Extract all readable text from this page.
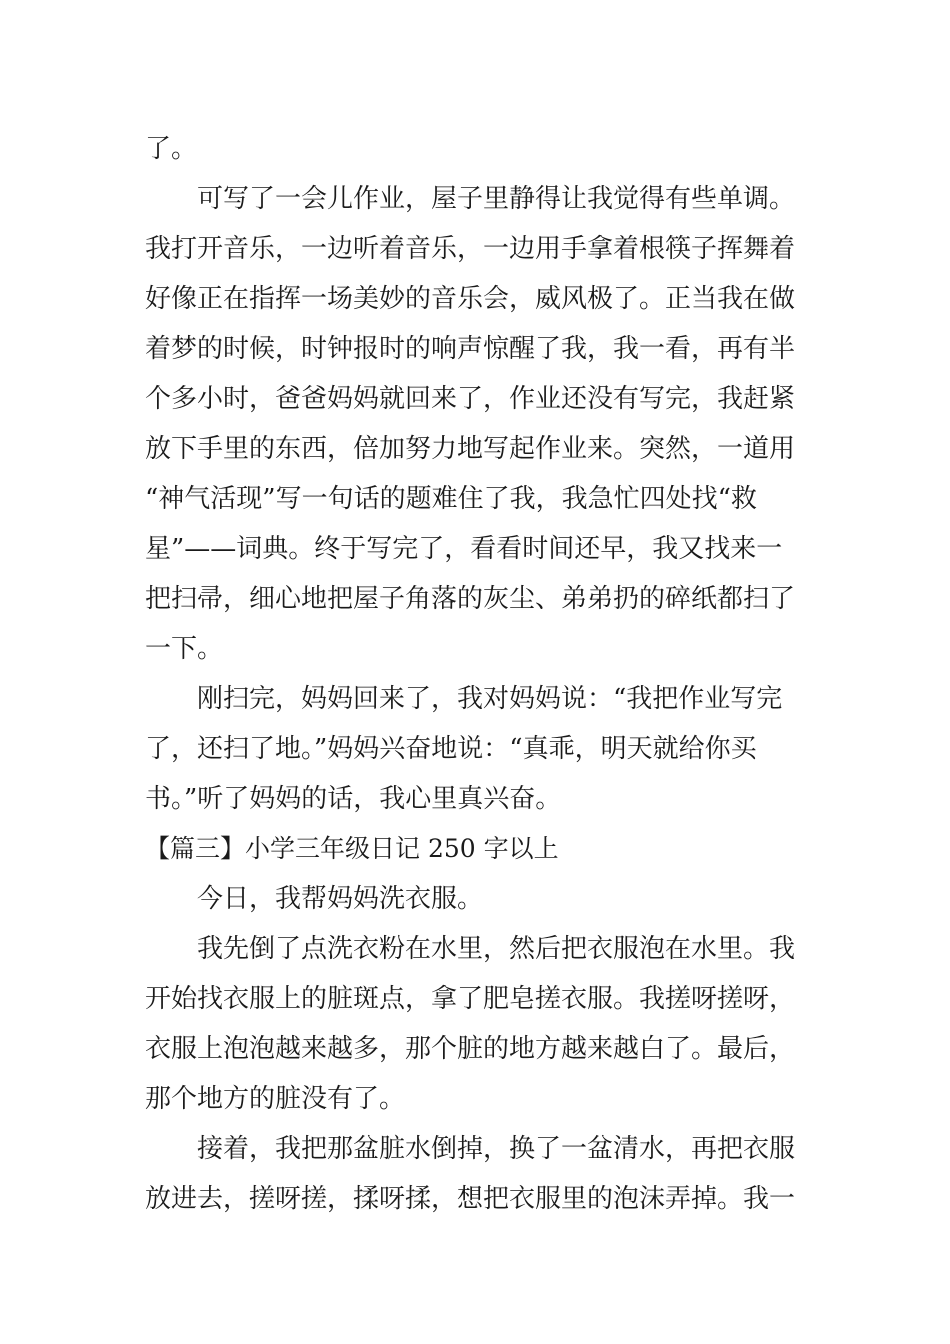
了。
可写了一会儿作业，屋子里静得让我觉得有些单调。
我打开音乐，一边听着音乐，一边用手拿着根筷子挥舞着
好像正在指挥一场美妙的音乐会，威风极了。正当我在做
着梦的时候，时钟报时的响声惊醒了我，我一看，再有半
个多小时，爸爸妈妈就回来了，作业还没有写完，我赶紧
放下手里的东西，倍加努力地写起作业来。突然，一道用
“神气活现”写一句话的题难住了我，我急忙四处找“救
星”——词典。终于写完了，看看时间还早，我又找来一
把扫帚，细心地把屋子角落的灰尘、弟弟扔的碎纸都扫了
一下。
刚扫完，妈妈回来了，我对妈妈说：“我把作业写完
了，还扫了地。”妈妈兴奋地说：“真乖，明天就给你买
书。”听了妈妈的话，我心里真兴奋。
【篇三】小学三年级日记 250 字以上
今日，我帮妈妈洗衣服。
我先倒了点洗衣粉在水里，然后把衣服泡在水里。我
开始找衣服上的脏斑点，拿了肥皂搓衣服。我搓呀搓呀，
衣服上泡泡越来越多，那个脏的地方越来越白了。最后，
那个地方的脏没有了。
接着，我把那盆脏水倒掉，换了一盆清水，再把衣服
放进去，搓呀搓，揉呀揉，想把衣服里的泡沫弄掉。我一
